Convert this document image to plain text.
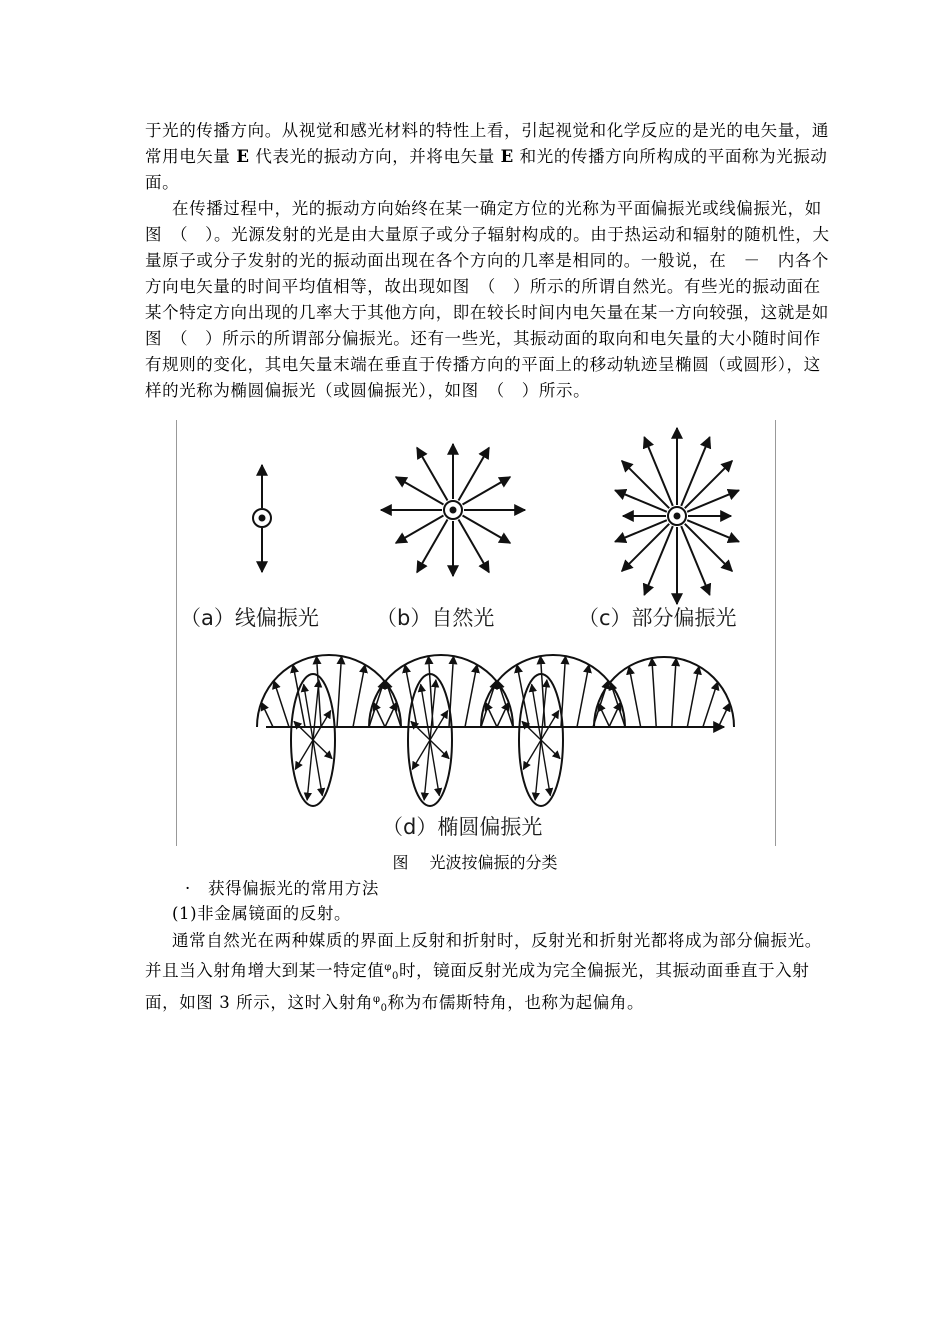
于光的传播方向。从视觉和感光材料的特性上看，引起视觉和化学反应的是光的电矢量，通
常用电矢量 E 代表光的振动方向，并将电矢量 E 和光的传播方向所构成的平面称为光振动
面。
在传播过程中，光的振动方向始终在某一确定方位的光称为平面偏振光或线偏振光，如
图　（　）。光源发射的光是由大量原子或分子辐射构成的。由于热运动和辐射的随机性，大
量原子或分子发射的光的振动面出现在各个方向的几率是相同的。一般说，在　－　内各个
方向电矢量的时间平均值相等，故出现如图　（　）所示的所谓自然光。有些光的振动面在
某个特定方向出现的几率大于其他方向，即在较长时间内电矢量在某一方向较强，这就是如
图　（　）所示的所谓部分偏振光。还有一些光，其振动面的取向和电矢量的大小随时间作
有规则的变化，其电矢量末端在垂直于传播方向的平面上的移动轨迹呈椭圆（或圆形），这
样的光称为椭圆偏振光（或圆偏振光），如图　（　）所示。
（a）线偏振光	（b）自然光	（c）部分偏振光
（d）椭圆偏振光
图　 光波按偏振的分类
·　 获得偏振光的常用方法
(1)非金属镜面的反射。
通常自然光在两种媒质的界面上反射和折射时，反射光和折射光都将成为部分偏振光。
并且当入射角增大到某一特定值$^\varphi$0时，镜面反射光成为完全偏振光，其振动面垂直于入射
面，如图 3 所示，这时入射角$^\varphi$0称为布儒斯特角，也称为起偏角。
